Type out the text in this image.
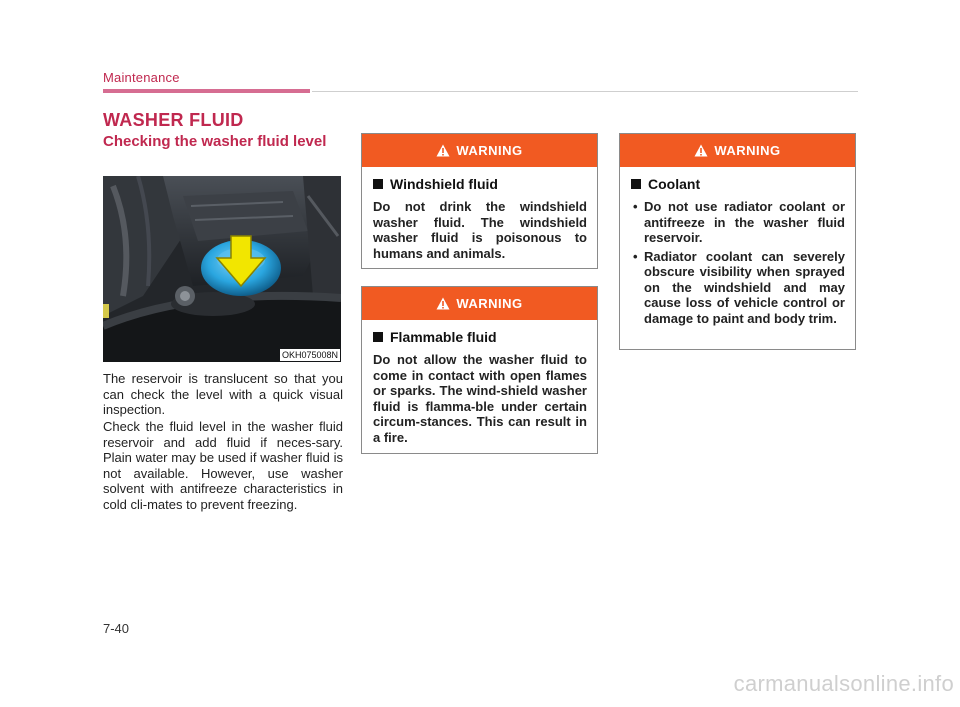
Maintenance
WASHER FLUID
Checking the washer fluid level
OKH075008N

The reservoir is translucent so that you can check the level with a quick visual inspection.

Check the fluid level in the washer fluid reservoir and add fluid if neces-sary. Plain water may be used if washer fluid is not available. However, use washer solvent with antifreeze characteristics in cold cli-mates to prevent freezing.

WARNING
Windshield fluid

Do not drink the windshield washer fluid. The windshield washer fluid is poisonous to humans and animals.

WARNING
Flammable fluid

Do not allow the washer fluid to come in contact with open flames or sparks. The wind-shield washer fluid is flamma-ble under certain circum-stances. This can result in a fire.

WARNING
Coolant
• Do not use radiator coolant or antifreeze in the washer fluid reservoir.
• Radiator coolant can severely obscure visibility when sprayed on the windshield and may cause loss of vehicle control or damage to paint and body trim.
7-40
carmanualsonline.info
